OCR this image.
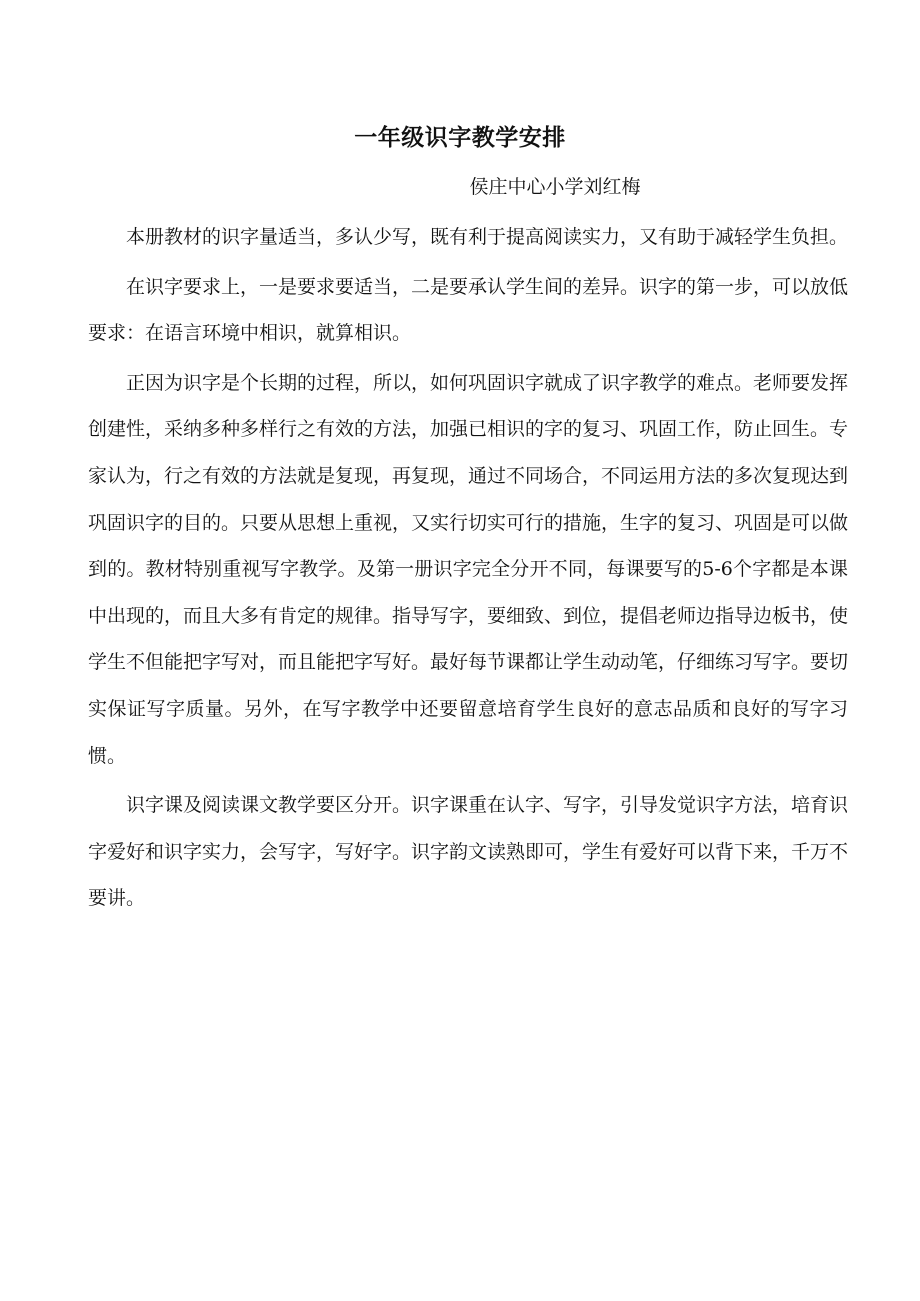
一年级识字教学安排
侯庄中心小学刘红梅

本册教材的识字量适当，多认少写，既有利于提高阅读实力，又有助于减轻学生负担。

在识字要求上，一是要求要适当，二是要承认学生间的差异。识字的第一步，可以放低要求：在语言环境中相识，就算相识。

正因为识字是个长期的过程，所以，如何巩固识字就成了识字教学的难点。老师要发挥创建性，采纳多种多样行之有效的方法，加强已相识的字的复习、巩固工作，防止回生。专家认为，行之有效的方法就是复现，再复现，通过不同场合，不同运用方法的多次复现达到巩固识字的目的。只要从思想上重视，又实行切实可行的措施，生字的复习、巩固是可以做到的。教材特别重视写字教学。及第一册识字完全分开不同，每课要写的5-6个字都是本课中出现的，而且大多有肯定的规律。指导写字，要细致、到位，提倡老师边指导边板书，使学生不但能把字写对，而且能把字写好。最好每节课都让学生动动笔，仔细练习写字。要切实保证写字质量。另外，在写字教学中还要留意培育学生良好的意志品质和良好的写字习惯。

识字课及阅读课文教学要区分开。识字课重在认字、写字，引导发觉识字方法，培育识字爱好和识字实力，会写字，写好字。识字韵文读熟即可，学生有爱好可以背下来，千万不要讲。
